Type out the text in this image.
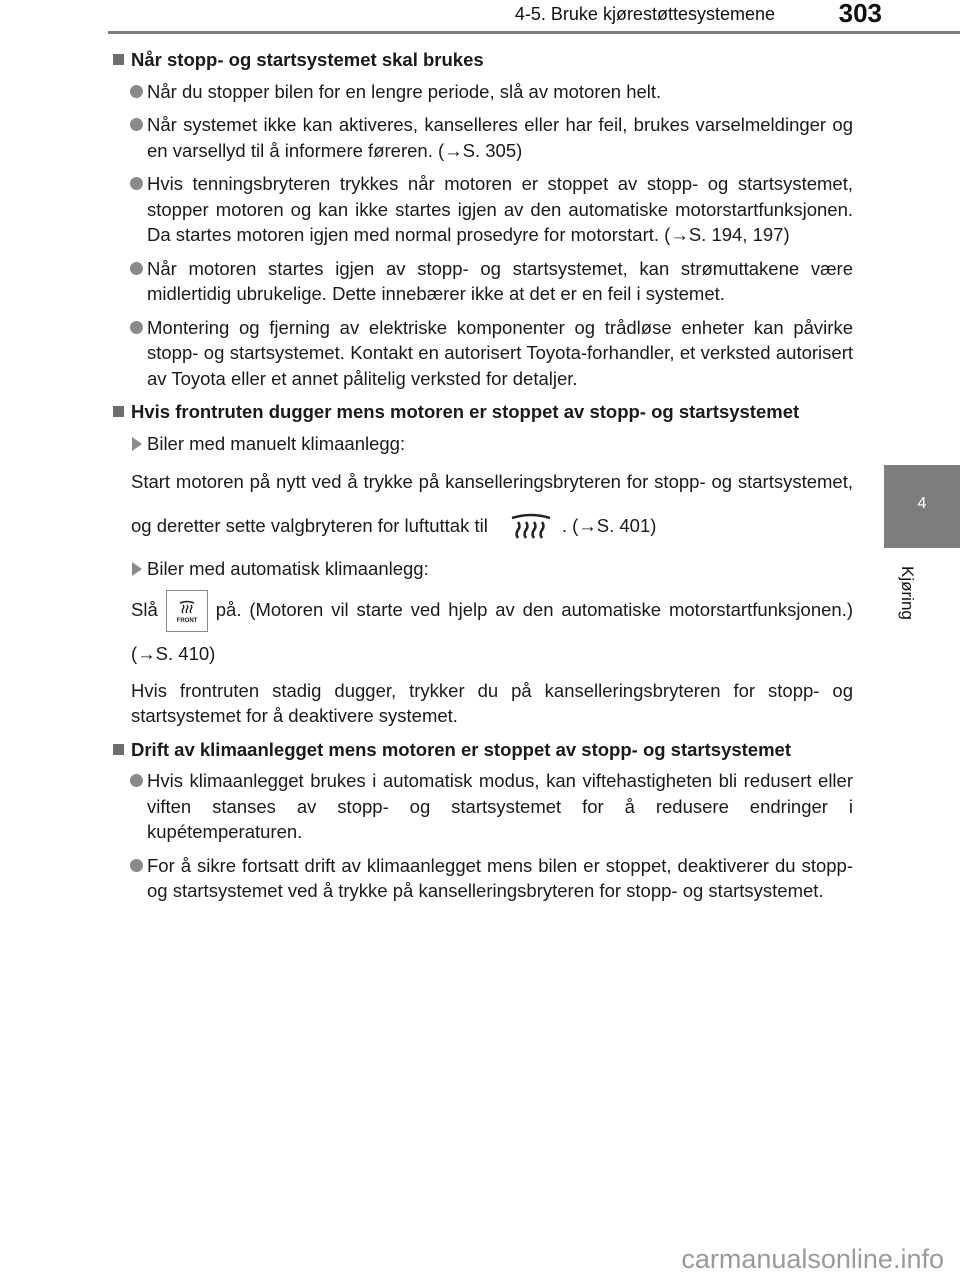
4-5. Bruke kjørestøttesystemene 303
4
Kjøring
Når stopp- og startsystemet skal brukes
Når du stopper bilen for en lengre periode, slå av motoren helt.
Når systemet ikke kan aktiveres, kanselleres eller har feil, brukes varselmeldinger og en varsellyd til å informere føreren. (→S. 305)
Hvis tenningsbryteren trykkes når motoren er stoppet av stopp- og startsystemet, stopper motoren og kan ikke startes igjen av den automatiske motorstartfunksjonen. Da startes motoren igjen med normal prosedyre for motorstart. (→S. 194, 197)
Når motoren startes igjen av stopp- og startsystemet, kan strømuttakene være midlertidig ubrukelige. Dette innebærer ikke at det er en feil i systemet.
Montering og fjerning av elektriske komponenter og trådløse enheter kan påvirke stopp- og startsystemet. Kontakt en autorisert Toyota-forhandler, et verksted autorisert av Toyota eller et annet pålitelig verksted for detaljer.
Hvis frontruten dugger mens motoren er stoppet av stopp- og startsystemet
Biler med manuelt klimaanlegg:
Start motoren på nytt ved å trykke på kanselleringsbryteren for stopp- og startsystemet, og deretter sette valgbryteren for luftuttak til	. (→S. 401)
Biler med automatisk klimaanlegg:
Slå
FRONT
på. (Motoren vil starte ved hjelp av den automatiske motorstartfunksjonen.) (→S. 410)
Hvis frontruten stadig dugger, trykker du på kanselleringsbryteren for stopp- og startsystemet for å deaktivere systemet.
Drift av klimaanlegget mens motoren er stoppet av stopp- og startsystemet
Hvis klimaanlegget brukes i automatisk modus, kan viftehastigheten bli redusert eller viften stanses av stopp- og startsystemet for å redusere endringer i kupétemperaturen.
For å sikre fortsatt drift av klimaanlegget mens bilen er stoppet, deaktiverer du stopp- og startsystemet ved å trykke på kanselleringsbryteren for stopp- og startsystemet.
carmanualsonline.info
